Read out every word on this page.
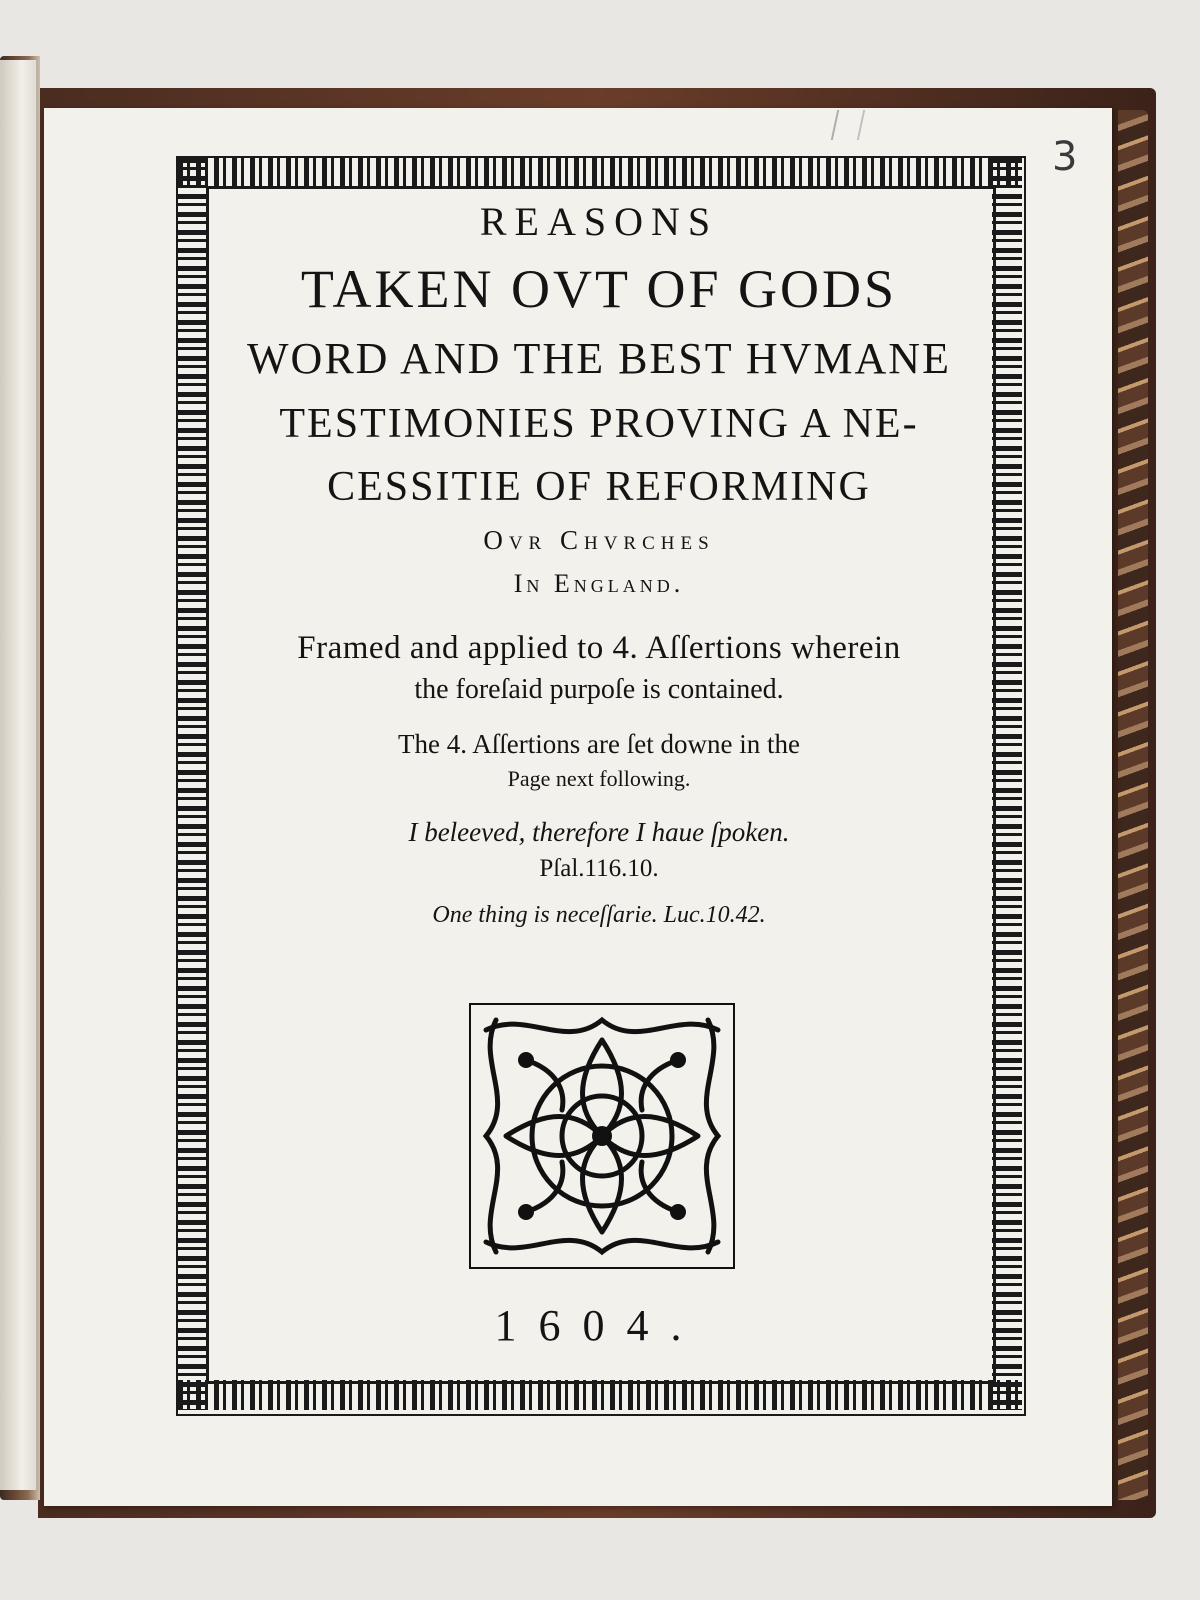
3
REASONS
TAKEN OVT OF GODS
WORD AND THE BEST HVMANE
TESTIMONIES PROVING A NE-
CESSITIE OF REFORMING
Ovr Chvrches
In England.
Framed and applied to 4. Aſſertions wherein
the foreſaid purpoſe is contained.
The 4. Aſſertions are ſet downe in the
Page next following.
I beleeved, therefore I haue ſpoken.
Pſal.116.10.
One thing is neceſſarie. Luc.10.42.
1604.
